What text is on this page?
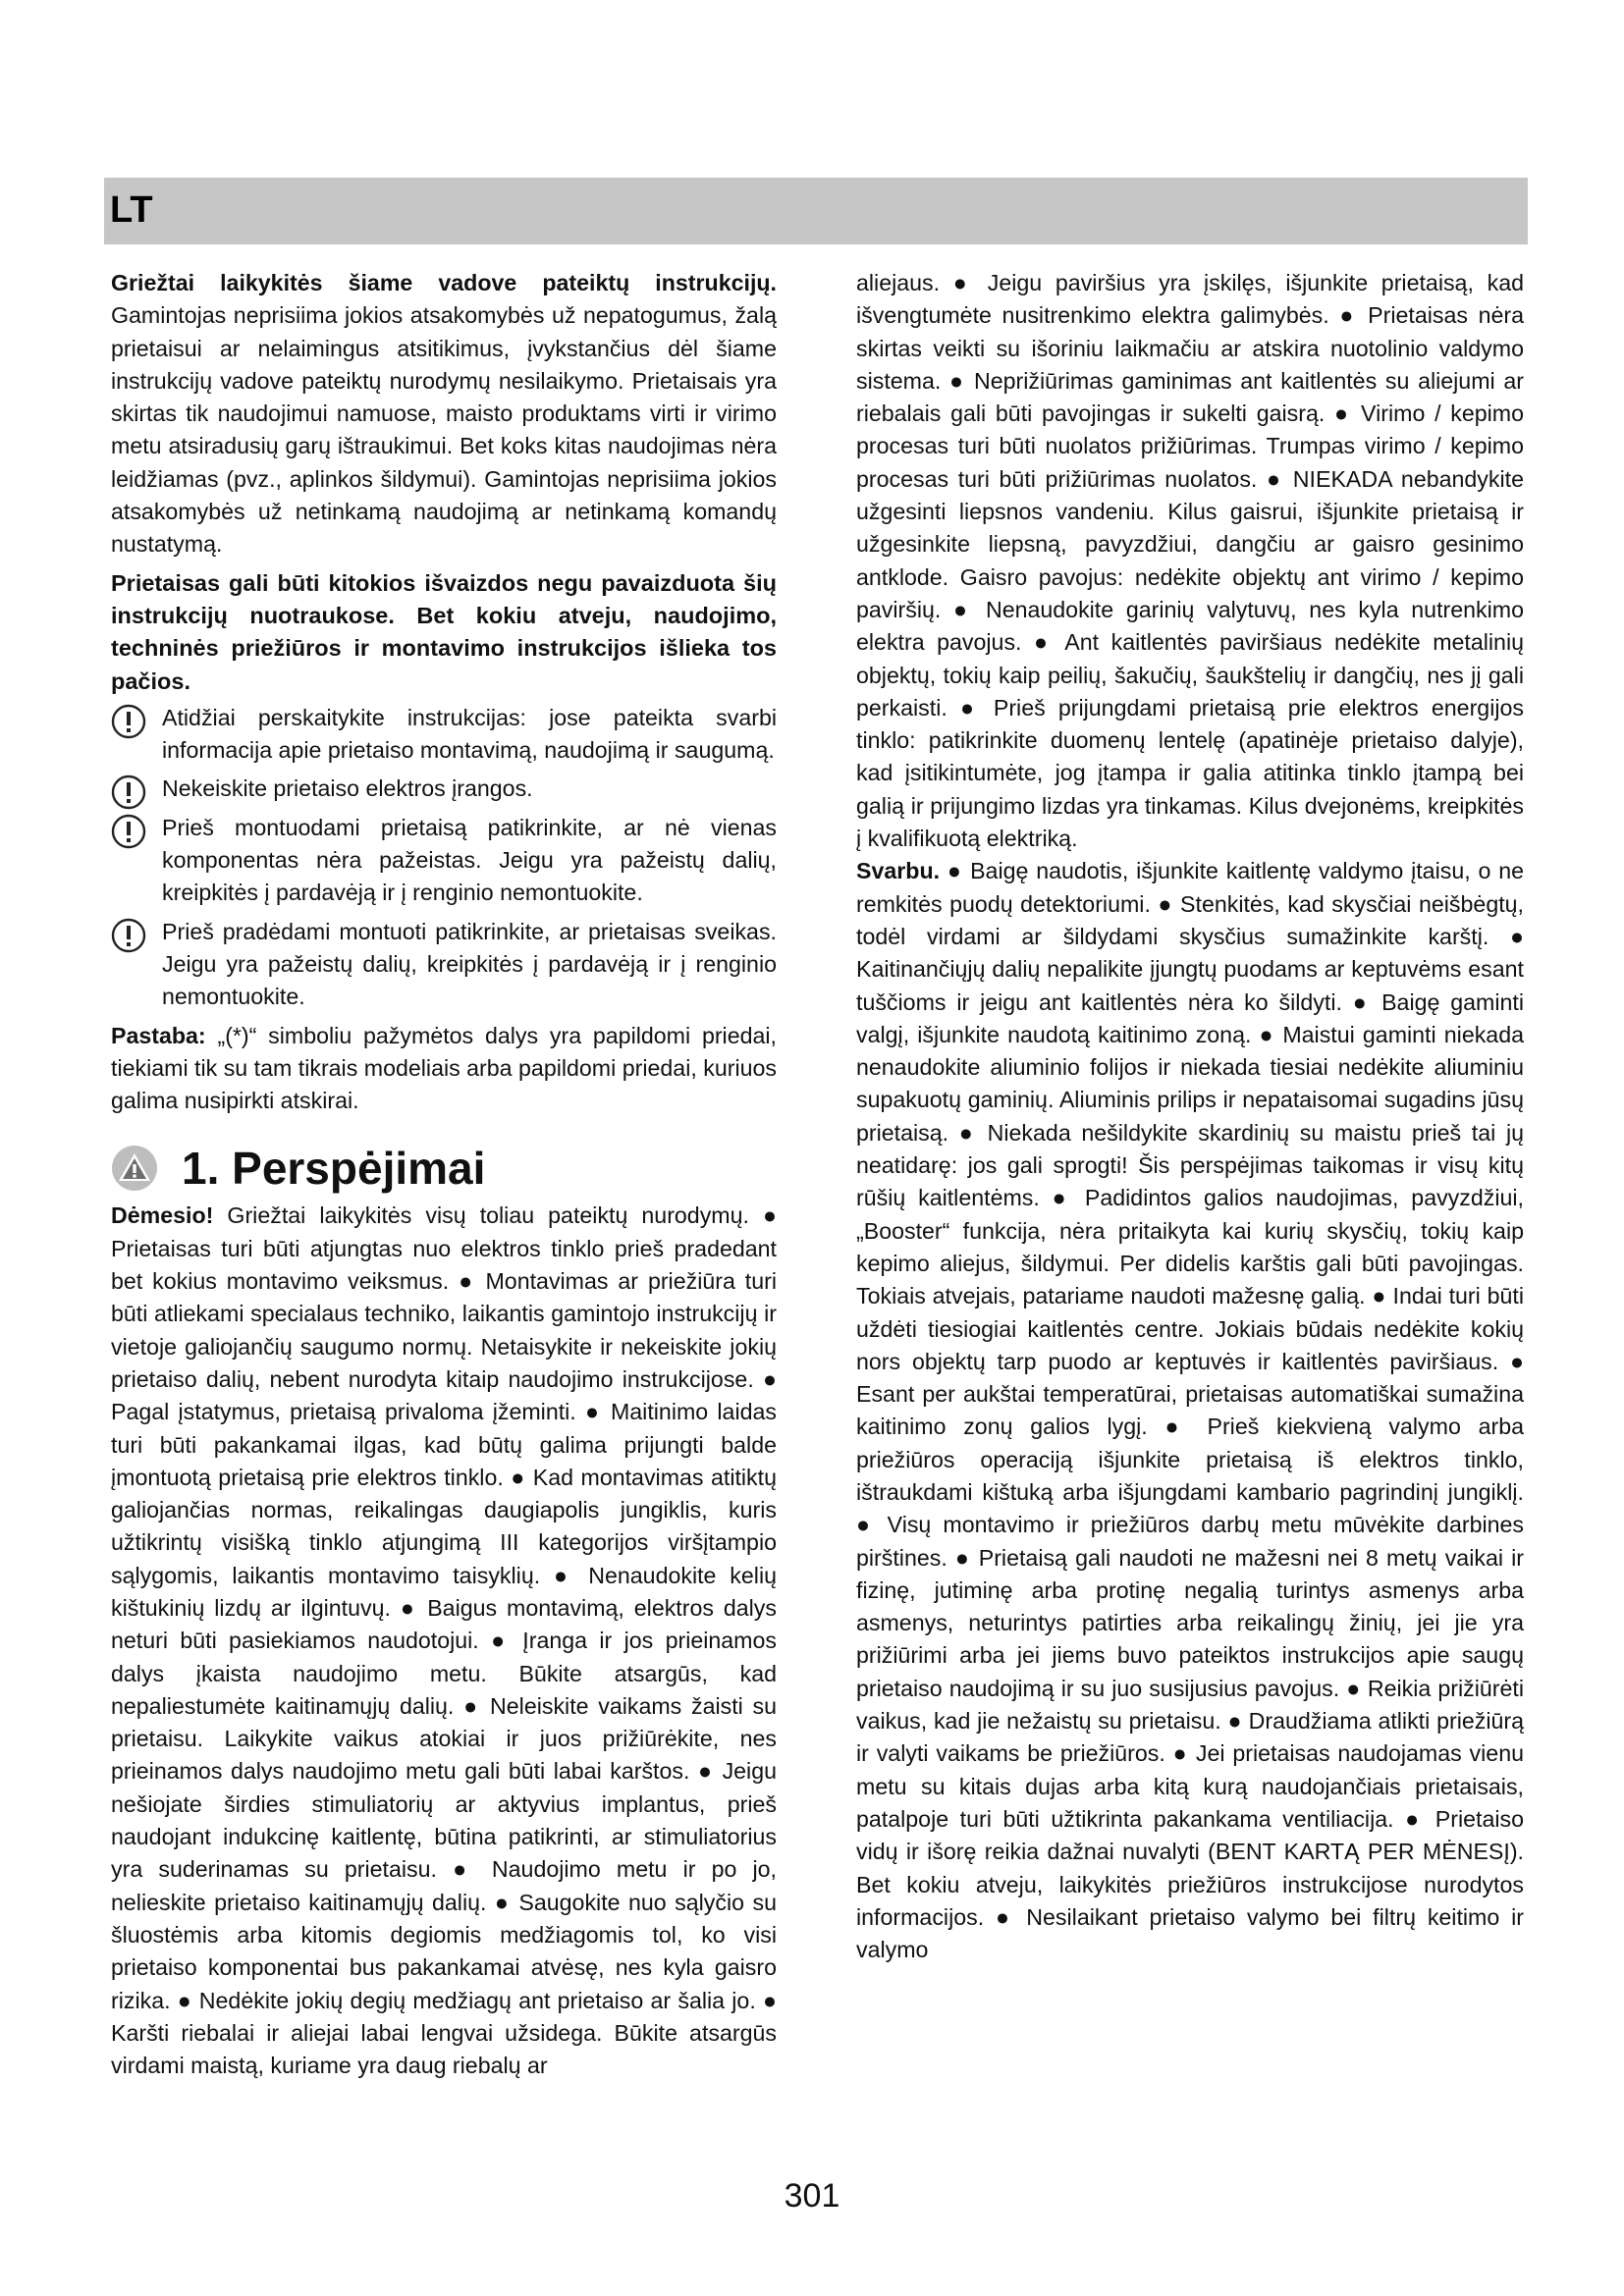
LT

Griežtai laikykitės šiame vadove pateiktų instrukcijų. Gamintojas neprisiima jokios atsakomybės už nepatogumus, žalą prietaisui ar nelaimingus atsitikimus, įvykstančius dėl šiame instrukcijų vadove pateiktų nurodymų nesilaikymo. Prietaisais yra skirtas tik naudojimui namuose, maisto produktams virti ir virimo metu atsiradusių garų ištraukimui. Bet koks kitas naudojimas nėra leidžiamas (pvz., aplinkos šildymui). Gamintojas neprisiima jokios atsakomybės už netinkamą naudojimą ar netinkamą komandų nustatymą.

Prietaisas gali būti kitokios išvaizdos negu pavaizduota šių instrukcijų nuotraukose. Bet kokiu atveju, naudojimo, techninės priežiūros ir montavimo instrukcijos išlieka tos pačios.

Atidžiai perskaitykite instrukcijas: jose pateikta svarbi informacija apie prietaiso montavimą, naudojimą ir saugumą.

Nekeiskite prietaiso elektros įrangos.

Prieš montuodami prietaisą patikrinkite, ar nė vienas komponentas nėra pažeistas. Jeigu yra pažeistų dalių, kreipkitės į pardavėją ir į renginio nemontuokite.

Prieš pradėdami montuoti patikrinkite, ar prietaisas sveikas. Jeigu yra pažeistų dalių, kreipkitės į pardavėją ir į renginio nemontuokite.

Pastaba: „(*)“ simboliu pažymėtos dalys yra papildomi priedai, tiekiami tik su tam tikrais modeliais arba papildomi priedai, kuriuos galima nusipirkti atskirai.

1. Perspėjimai

Dėmesio! Griežtai laikykitės visų toliau pateiktų nurodymų. ● Prietaisas turi būti atjungtas nuo elektros tinklo prieš pradedant bet kokius montavimo veiksmus. ● Montavimas ar priežiūra turi būti atliekami specialaus techniko, laikantis gamintojo instrukcijų ir vietoje galiojančių saugumo normų. Netaisykite ir nekeiskite jokių prietaiso dalių, nebent nurodyta kitaip naudojimo instrukcijose. ● Pagal įstatymus, prietaisą privaloma įžeminti. ● Maitinimo laidas turi būti pakankamai ilgas, kad būtų galima prijungti balde įmontuotą prietaisą prie elektros tinklo. ● Kad montavimas atitiktų galiojančias normas, reikalingas daugiapolis jungiklis, kuris užtikrintų visišką tinklo atjungimą III kategorijos viršįtampio sąlygomis, laikantis montavimo taisyklių. ● Nenaudokite kelių kištukinių lizdų ar ilgintuvų. ● Baigus montavimą, elektros dalys neturi būti pasiekiamos naudotojui. ● Įranga ir jos prieinamos dalys įkaista naudojimo metu. Būkite atsargūs, kad nepaliestumėte kaitinamųjų dalių. ● Neleiskite vaikams žaisti su prietaisu. Laikykite vaikus atokiai ir juos prižiūrėkite, nes prieinamos dalys naudojimo metu gali būti labai karštos. ● Jeigu nešiojate širdies stimuliatorių ar aktyvius implantus, prieš naudojant indukcinę kaitlentę, būtina patikrinti, ar stimuliatorius yra suderinamas su prietaisu. ● Naudojimo metu ir po jo, nelieskite prietaiso kaitinamųjų dalių. ● Saugokite nuo sąlyčio su šluostėmis arba kitomis degiomis medžiagomis tol, ko visi prietaiso komponentai bus pakankamai atvėsę, nes kyla gaisro rizika. ● Nedėkite jokių degių medžiagų ant prietaiso ar šalia jo. ● Karšti riebalai ir aliejai labai lengvai užsidega. Būkite atsargūs virdami maistą, kuriame yra daug riebalų ar

aliejaus. ● Jeigu paviršius yra įskilęs, išjunkite prietaisą, kad išvengtumėte nusitrenkimo elektra galimybės. ● Prietaisas nėra skirtas veikti su išoriniu laikmačiu ar atskira nuotolinio valdymo sistema. ● Neprižiūrimas gaminimas ant kaitlentės su aliejumi ar riebalais gali būti pavojingas ir sukelti gaisrą. ● Virimo / kepimo procesas turi būti nuolatos prižiūrimas. Trumpas virimo / kepimo procesas turi būti prižiūrimas nuolatos. ● NIEKADA nebandykite užgesinti liepsnos vandeniu. Kilus gaisrui, išjunkite prietaisą ir užgesinkite liepsną, pavyzdžiui, dangčiu ar gaisro gesinimo antklode. Gaisro pavojus: nedėkite objektų ant virimo / kepimo paviršių. ● Nenaudokite garinių valytuvų, nes kyla nutrenkimo elektra pavojus. ● Ant kaitlentės paviršiaus nedėkite metalinių objektų, tokių kaip peilių, šakučių, šaukštelių ir dangčių, nes jį gali perkaisti. ● Prieš prijungdami prietaisą prie elektros energijos tinklo: patikrinkite duomenų lentelę (apatinėje prietaiso dalyje), kad įsitikintumėte, jog įtampa ir galia atitinka tinklo įtampą bei galią ir prijungimo lizdas yra tinkamas. Kilus dvejonėms, kreipkitės į kvalifikuotą elektriką.

Svarbu. ● Baigę naudotis, išjunkite kaitlentę valdymo įtaisu, o ne remkitės puodų detektoriumi. ● Stenkitės, kad skysčiai neišbėgtų, todėl virdami ar šildydami skysčius sumažinkite karštį. ● Kaitinančiųjų dalių nepalikite įjungtų puodams ar keptuvėms esant tuščioms ir jeigu ant kaitlentės nėra ko šildyti. ● Baigę gaminti valgį, išjunkite naudotą kaitinimo zoną. ● Maistui gaminti niekada nenaudokite aliuminio folijos ir niekada tiesiai nedėkite aliuminiu supakuotų gaminių. Aliuminis prilips ir nepataisomai sugadins jūsų prietaisą. ● Niekada nešildykite skardinių su maistu prieš tai jų neatidarę: jos gali sprogti! Šis perspėjimas taikomas ir visų kitų rūšių kaitlentėms. ● Padidintos galios naudojimas, pavyzdžiui, „Booster“ funkcija, nėra pritaikyta kai kurių skysčių, tokių kaip kepimo aliejus, šildymui. Per didelis karštis gali būti pavojingas. Tokiais atvejais, patariame naudoti mažesnę galią. ● Indai turi būti uždėti tiesiogiai kaitlentės centre. Jokiais būdais nedėkite kokių nors objektų tarp puodo ar keptuvės ir kaitlentės paviršiaus. ● Esant per aukštai temperatūrai, prietaisas automatiškai sumažina kaitinimo zonų galios lygį. ● Prieš kiekvieną valymo arba priežiūros operaciją išjunkite prietaisą iš elektros tinklo, ištraukdami kištuką arba išjungdami kambario pagrindinį jungiklį. ● Visų montavimo ir priežiūros darbų metu mūvėkite darbines pirštines. ● Prietaisą gali naudoti ne mažesni nei 8 metų vaikai ir fizinę, jutiminę arba protinę negalią turintys asmenys arba asmenys, neturintys patirties arba reikalingų žinių, jei jie yra prižiūrimi arba jei jiems buvo pateiktos instrukcijos apie saugų prietaiso naudojimą ir su juo susijusius pavojus. ● Reikia prižiūrėti vaikus, kad jie nežaistų su prietaisu. ● Draudžiama atlikti priežiūrą ir valyti vaikams be priežiūros. ● Jei prietaisas naudojamas vienu metu su kitais dujas arba kitą kurą naudojančiais prietaisais, patalpoje turi būti užtikrinta pakankama ventiliacija. ● Prietaiso vidų ir išorę reikia dažnai nuvalyti (BENT KARTĄ PER MĖNESĮ). Bet kokiu atveju, laikykitės priežiūros instrukcijose nurodytos informacijos. ● Nesilaikant prietaiso valymo bei filtrų keitimo ir valymo

301
